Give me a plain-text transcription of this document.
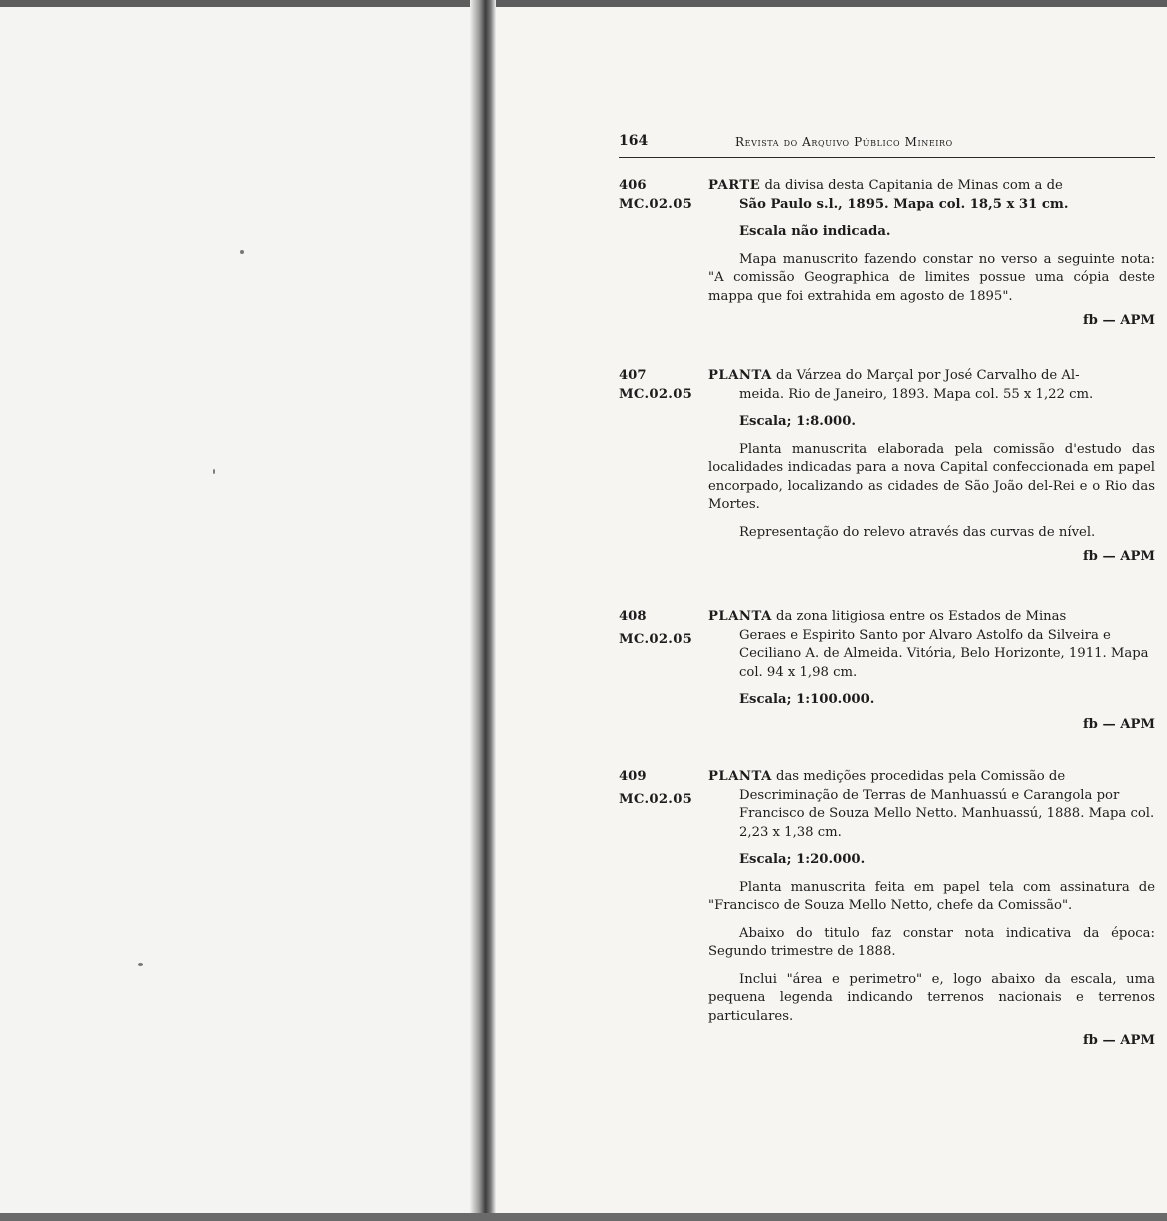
164	Revista do Arquivo Público Mineiro
406
MC.02.05

PARTE da divisa desta Capitania de Minas com a de
São Paulo s.l., 1895. Mapa col. 18,5 x 31 cm.

Escala não indicada.

Mapa manuscrito fazendo constar no verso a seguinte nota: "A comissão Geographica de limites possue uma cópia deste mappa que foi extrahida em agosto de 1895".

fb — APM

407
MC.02.05

PLANTA da Várzea do Marçal por José Carvalho de Al-
meida. Rio de Janeiro, 1893. Mapa col. 55 x 1,22 cm.

Escala; 1:8.000.

Planta manuscrita elaborada pela comissão d'estudo das localidades indicadas para a nova Capital confeccionada em papel encorpado, localizando as cidades de São João del-Rei e o Rio das Mortes.

Representação do relevo através das curvas de nível.

fb — APM

408
MC.02.05

PLANTA da zona litigiosa entre os Estados de Minas
Geraes e Espirito Santo por Alvaro Astolfo da Silveira e Ceciliano A. de Almeida. Vitória, Belo Horizonte, 1911. Mapa col. 94 x 1,98 cm.

Escala; 1:100.000.

fb — APM

409
MC.02.05

PLANTA das medições procedidas pela Comissão de
Descriminação de Terras de Manhuassú e Carangola por Francisco de Souza Mello Netto. Manhuassú, 1888. Mapa col. 2,23 x 1,38 cm.

Escala; 1:20.000.

Planta manuscrita feita em papel tela com assinatura de "Francisco de Souza Mello Netto, chefe da Comissão".

Abaixo do titulo faz constar nota indicativa da época: Segundo trimestre de 1888.

Inclui "área e perimetro" e, logo abaixo da escala, uma pequena legenda indicando terrenos nacionais e terrenos particulares.

fb — APM
